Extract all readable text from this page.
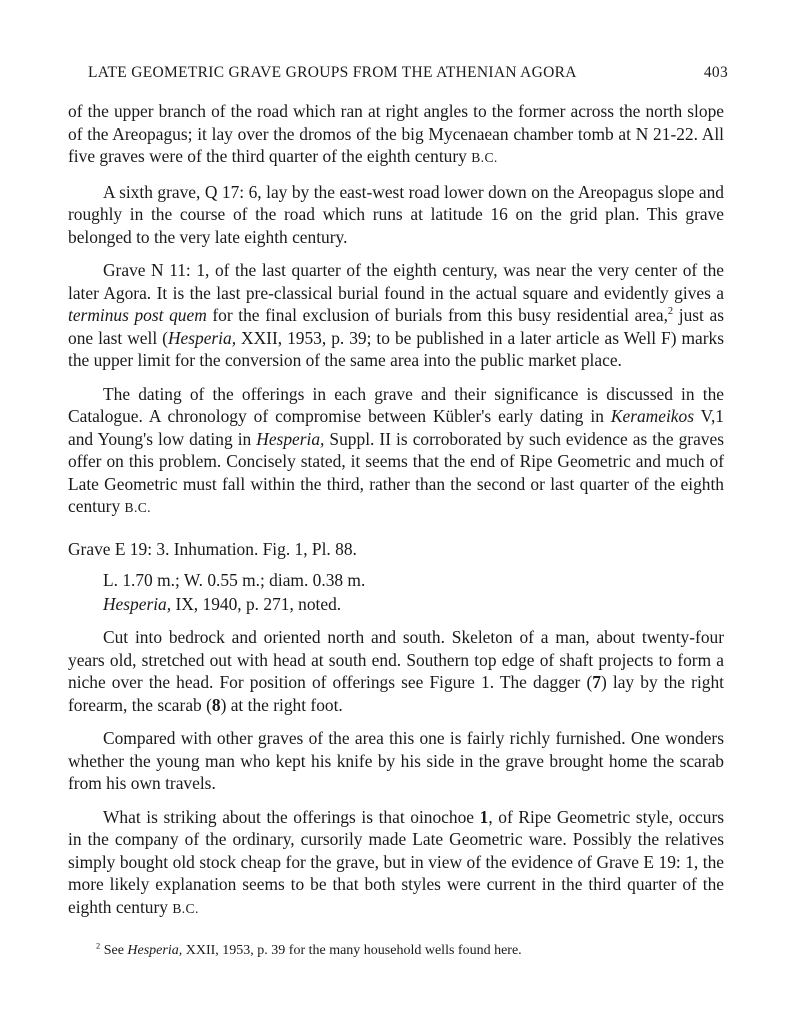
LATE GEOMETRIC GRAVE GROUPS FROM THE ATHENIAN AGORA	403

of the upper branch of the road which ran at right angles to the former across the north slope of the Areopagus; it lay over the dromos of the big Mycenaean chamber tomb at N 21-22. All five graves were of the third quarter of the eighth century B.C.

A sixth grave, Q 17: 6, lay by the east-west road lower down on the Areopagus slope and roughly in the course of the road which runs at latitude 16 on the grid plan. This grave belonged to the very late eighth century.

Grave N 11: 1, of the last quarter of the eighth century, was near the very center of the later Agora. It is the last pre-classical burial found in the actual square and evidently gives a terminus post quem for the final exclusion of burials from this busy residential area,$^2$ just as one last well (Hesperia, XXII, 1953, p. 39; to be published in a later article as Well F) marks the upper limit for the conversion of the same area into the public market place.

The dating of the offerings in each grave and their significance is discussed in the Catalogue. A chronology of compromise between Kübler's early dating in Kerameikos V,1 and Young's low dating in Hesperia, Suppl. II is corroborated by such evidence as the graves offer on this problem. Concisely stated, it seems that the end of Ripe Geometric and much of Late Geometric must fall within the third, rather than the second or last quarter of the eighth century B.C.

Grave E 19: 3. Inhumation. Fig. 1, Pl. 88.

L. 1.70 m.; W. 0.55 m.; diam. 0.38 m.

Hesperia, IX, 1940, p. 271, noted.

Cut into bedrock and oriented north and south. Skeleton of a man, about twenty-four years old, stretched out with head at south end. Southern top edge of shaft projects to form a niche over the head. For position of offerings see Figure 1. The dagger (7) lay by the right forearm, the scarab (8) at the right foot.

Compared with other graves of the area this one is fairly richly furnished. One wonders whether the young man who kept his knife by his side in the grave brought home the scarab from his own travels.

What is striking about the offerings is that oinochoe 1, of Ripe Geometric style, occurs in the company of the ordinary, cursorily made Late Geometric ware. Possibly the relatives simply bought old stock cheap for the grave, but in view of the evidence of Grave E 19: 1, the more likely explanation seems to be that both styles were current in the third quarter of the eighth century B.C.

$^2$ See Hesperia, XXII, 1953, p. 39 for the many household wells found here.
